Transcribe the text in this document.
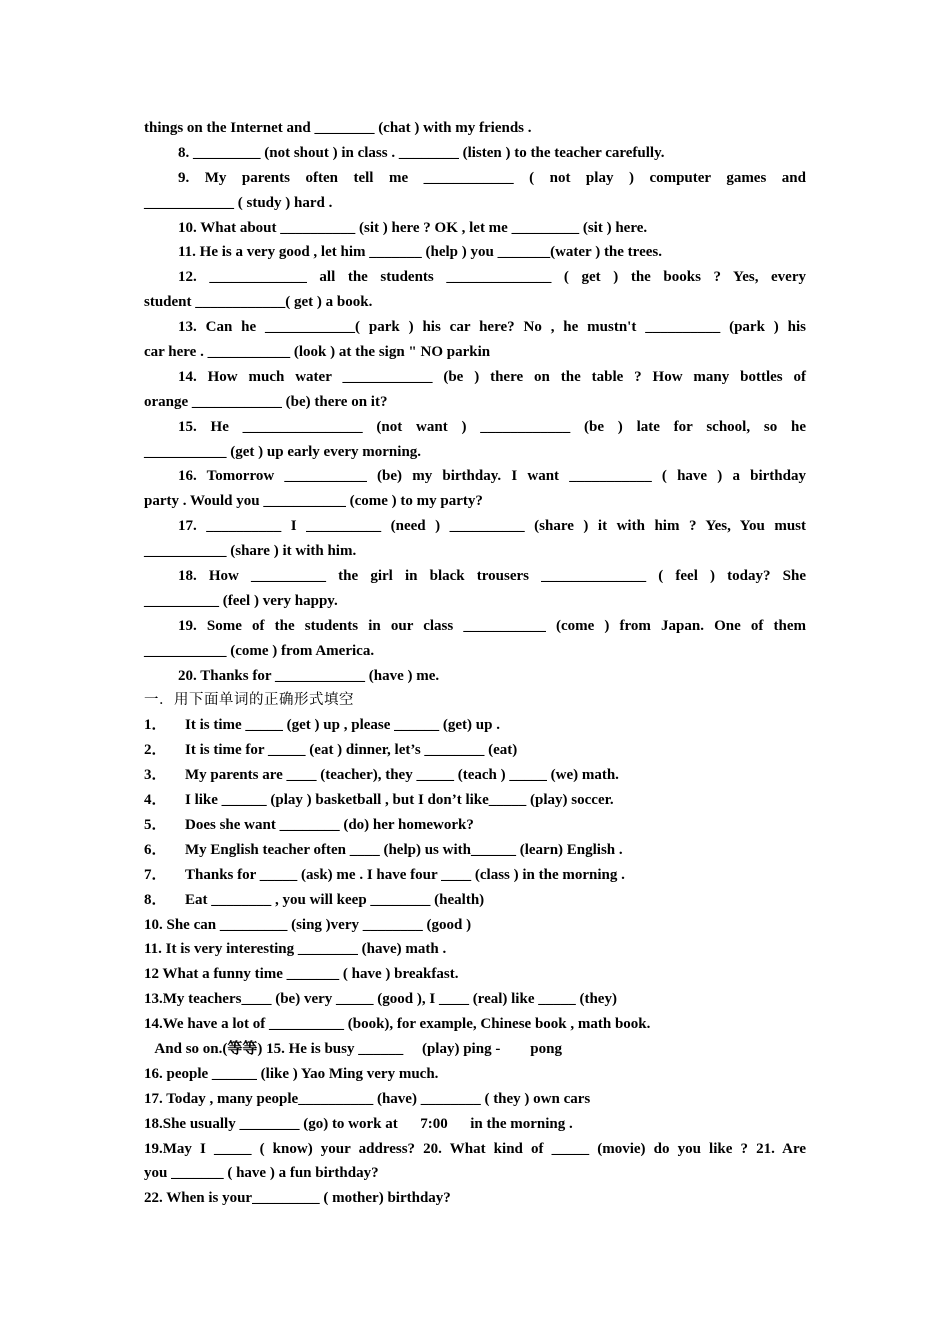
things on the Internet and ________ (chat ) with my friends .
8. _________ (not shout ) in class . ________ (listen ) to the teacher carefully.
9. My parents often tell me ____________ ( not play ) computer games and
____________ ( study ) hard .
10. What about __________ (sit ) here ? OK , let me _________ (sit ) here.
11. He is a very good , let him _______ (help ) you _______(water ) the trees.
12. _____________ all the students ______________ ( get ) the books ? Yes, every
student ____________( get ) a book.
13. Can he ____________( park ) his car here? No , he mustn't __________ (park ) his
car here . ___________ (look ) at the sign " NO parkin
14. How much water ____________ (be ) there on the table ? How many bottles of
orange ____________ (be) there on it?
15. He ________________ (not want ) ____________ (be ) late for school, so he
___________ (get ) up early every morning.
16. Tomorrow ___________ (be) my birthday. I want ___________ ( have ) a birthday
party . Would you ___________ (come ) to my party?
17. __________ I __________ (need ) __________ (share ) it with him ? Yes, You must
___________ (share ) it with him.
18. How __________ the girl in black trousers ______________ ( feel ) today? She
__________ (feel ) very happy.
19. Some of the students in our class ___________ (come ) from Japan. One of them
___________ (come ) from America.
20. Thanks for ____________ (have ) me.
一．用下面单词的正确形式填空
1． It is time _____ (get ) up , please ______ (get) up .
2． It is time for _____ (eat ) dinner, let’s ________ (eat)
3． My parents are ____ (teacher), they _____ (teach ) _____ (we) math.
4． I like ______ (play ) basketball , but I don’t like_____ (play) soccer.
5． Does she want ________ (do) her homework?
6． My English teacher often ____ (help) us with______ (learn) English .
7． Thanks for _____ (ask) me . I have four ____ (class ) in the morning .
8． Eat ________ , you will keep ________ (health)
10. She can _________ (sing )very ________ (good )
11. It is very interesting ________ (have) math .
12 What a funny time _______ ( have ) breakfast.
13.My teachers____ (be) very _____ (good ), I ____ (real) like _____ (they)
14.We have a lot of __________ (book), for example, Chinese book , math book.
And so on.(等等) 15. He is busy ______     (play) ping -        pong
16. people ______ (like ) Yao Ming very much.
17. Today , many people__________ (have) ________ ( they ) own cars
18.She usually ________ (go) to work at      7:00      in the morning .
19.May I _____ ( know) your address? 20. What kind of _____ (movie) do you like ? 21. Are
you _______ ( have ) a fun birthday?
22. When is your_________ ( mother) birthday?
